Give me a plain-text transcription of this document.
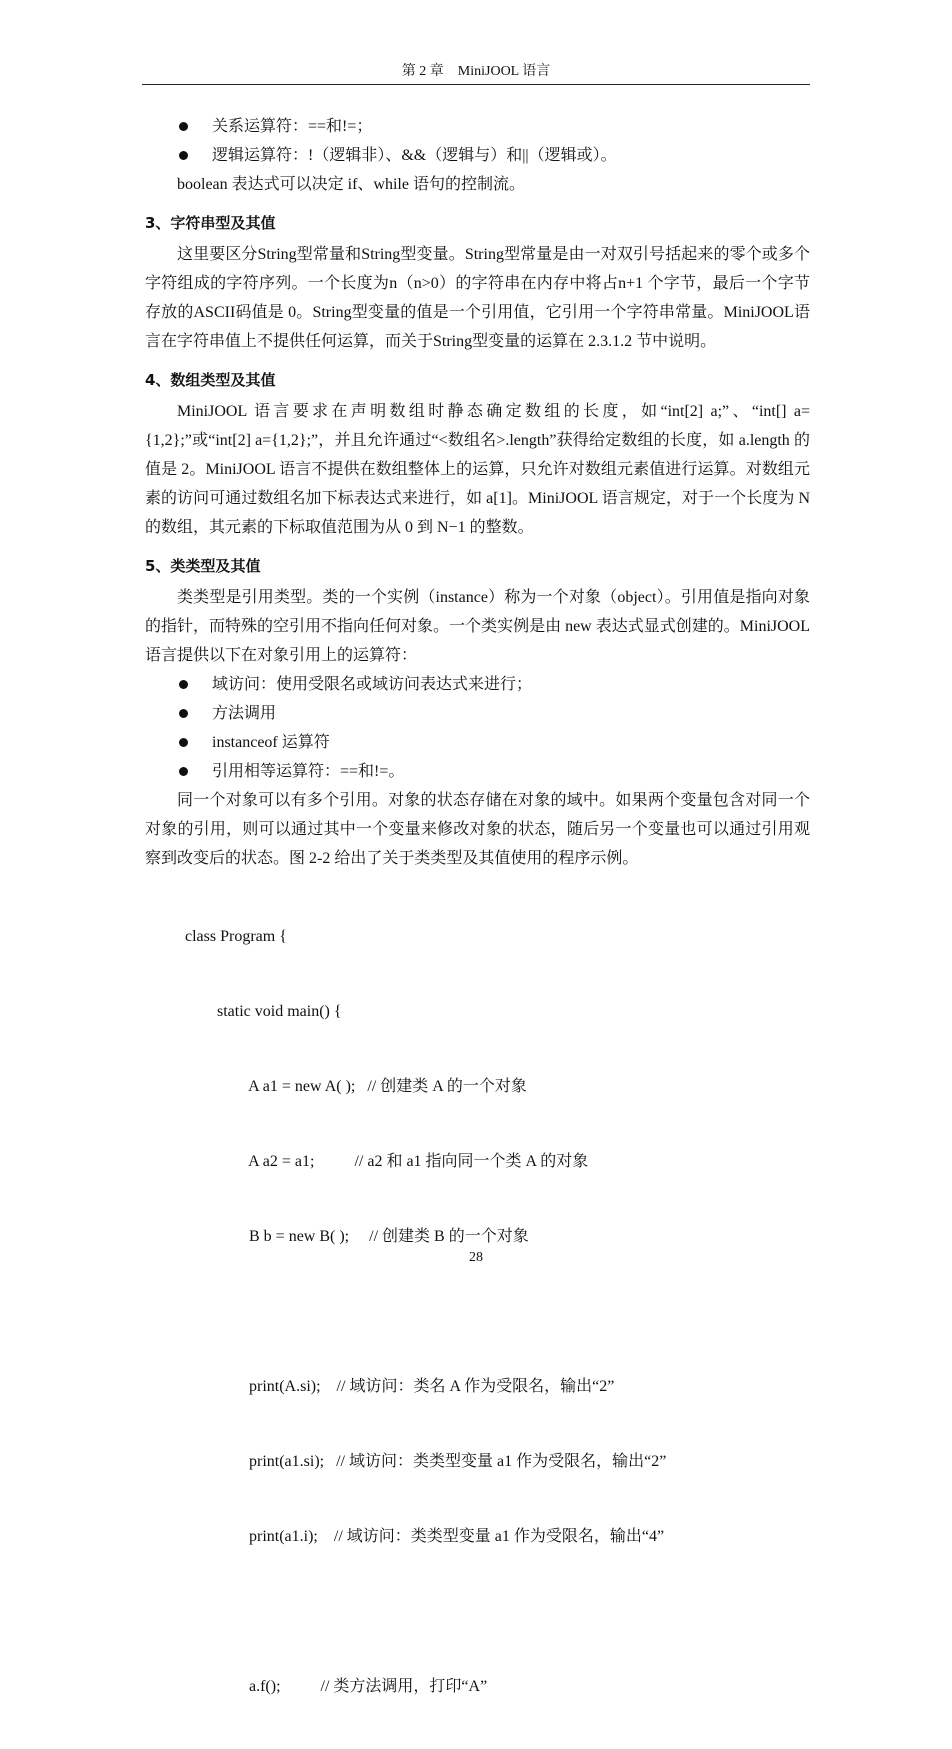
第 2 章　MiniJOOL 语言
关系运算符：==和!=；
逻辑运算符：!（逻辑非）、&&（逻辑与）和||（逻辑或）。
boolean 表达式可以决定 if、while 语句的控制流。
3、字符串型及其值
这里要区分String型常量和String型变量。String型常量是由一对双引号括起来的零个或多个字符组成的字符序列。一个长度为n（n>0）的字符串在内存中将占n+1 个字节，最后一个字节存放的ASCII码值是 0。String型变量的值是一个引用值，它引用一个字符串常量。MiniJOOL语言在字符串值上不提供任何运算，而关于String型变量的运算在 2.3.1.2 节中说明。
4、数组类型及其值
MiniJOOL 语言要求在声明数组时静态确定数组的长度，如“int[2] a;”、“int[] a={1,2};”或“int[2] a={1,2};”，并且允许通过“<数组名>.length”获得给定数组的长度，如 a.length 的值是 2。MiniJOOL 语言不提供在数组整体上的运算，只允许对数组元素值进行运算。对数组元素的访问可通过数组名加下标表达式来进行，如 a[1]。MiniJOOL 语言规定，对于一个长度为 N 的数组，其元素的下标取值范围为从 0 到 N−1 的整数。
5、类类型及其值
类类型是引用类型。类的一个实例（instance）称为一个对象（object）。引用值是指向对象的指针，而特殊的空引用不指向任何对象。一个类实例是由 new 表达式显式创建的。MiniJOOL 语言提供以下在对象引用上的运算符：
域访问：使用受限名或域访问表达式来进行；
方法调用
instanceof 运算符
引用相等运算符：==和!=。
同一个对象可以有多个引用。对象的状态存储在对象的域中。如果两个变量包含对同一个对象的引用，则可以通过其中一个变量来修改对象的状态，随后另一个变量也可以通过引用观察到改变后的状态。图 2-2 给出了关于类类型及其值使用的程序示例。

class Program {

static void main() {

A a1 = new A( );   // 创建类 A 的一个对象

A a2 = a1;          // a2 和 a1 指向同一个类 A 的对象

B b = new B( );     // 创建类 B 的一个对象

print(A.si);    // 域访问：类名 A 作为受限名，输出“2”

print(a1.si);   // 域访问：类类型变量 a1 作为受限名，输出“2”

print(a1.i);    // 域访问：类类型变量 a1 作为受限名，输出“4”

a.f();          // 类方法调用，打印“A”

28
